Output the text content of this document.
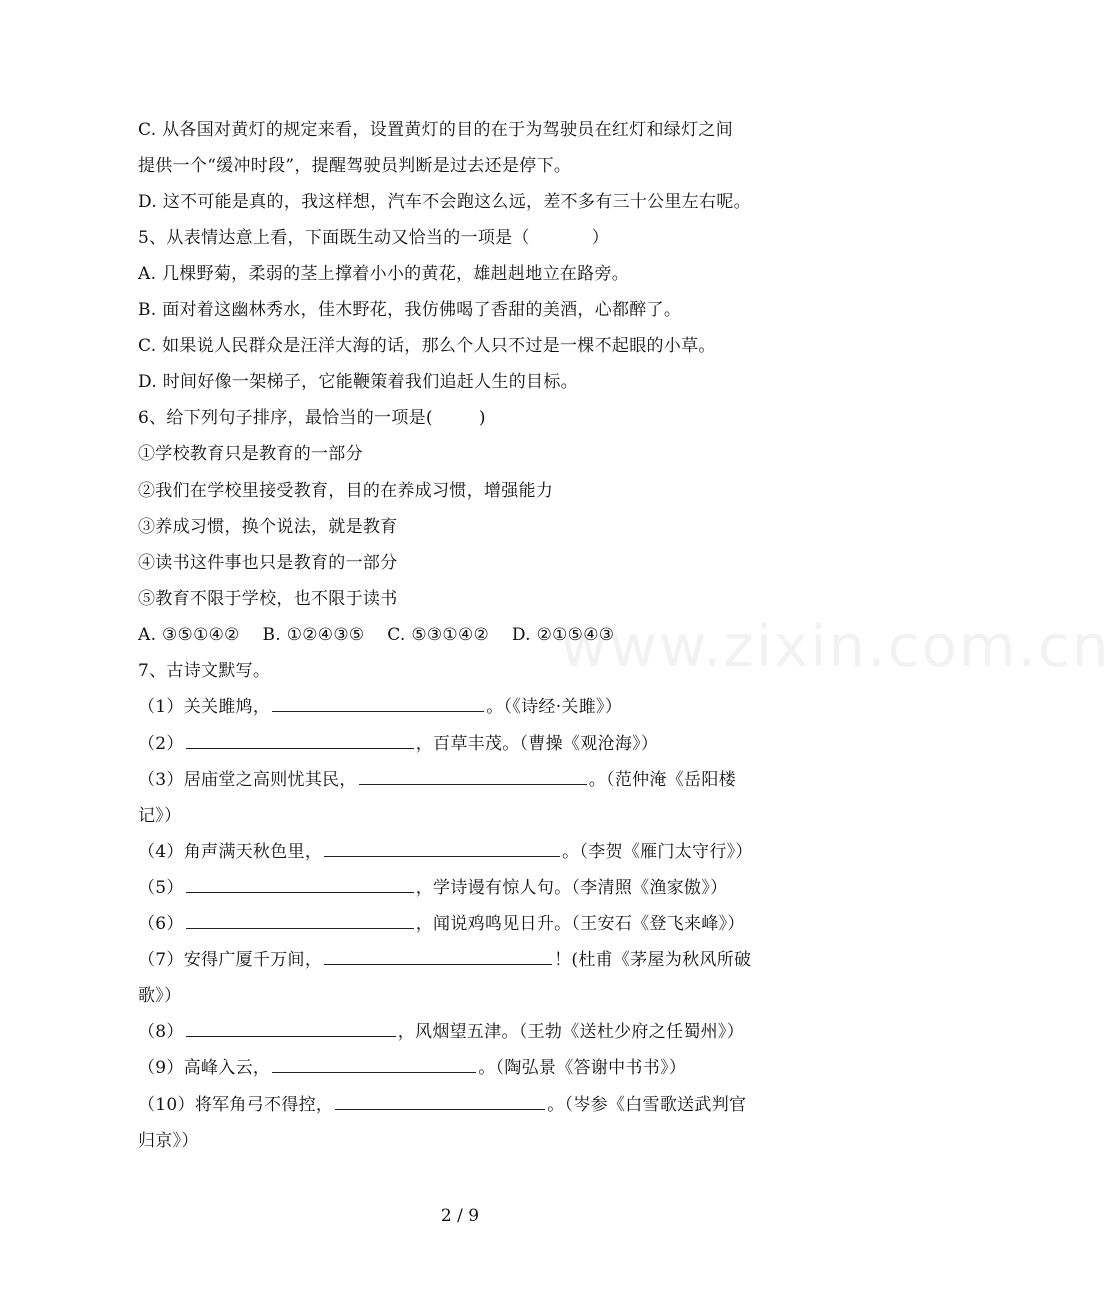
www.zixin.com.cn
C. 从各国对黄灯的规定来看，设置黄灯的目的在于为驾驶员在红灯和绿灯之间
提供一个“缓冲时段”，提醒驾驶员判断是过去还是停下。
D. 这不可能是真的，我这样想，汽车不会跑这么远，差不多有三十公里左右呢。
5、从表情达意上看，下面既生动又恰当的一项是（	）
A. 几棵野菊，柔弱的茎上撑着小小的黄花，雄赳赳地立在路旁。
B. 面对着这幽林秀水，佳木野花，我仿佛喝了香甜的美酒，心都醉了。
C. 如果说人民群众是汪洋大海的话，那么个人只不过是一棵不起眼的小草。
D. 时间好像一架梯子，它能鞭策着我们追赶人生的目标。
6、给下列句子排序，最恰当的一项是(	)
①学校教育只是教育的一部分
②我们在学校里接受教育，目的在养成习惯，增强能力
③养成习惯，换个说法，就是教育
④读书这件事也只是教育的一部分
⑤教育不限于学校，也不限于读书
A. ③⑤①④②    B. ①②④③⑤    C. ⑤③①④②    D. ②①⑤④③
7、古诗文默写。
（1）关关雎鸠，	。（《诗经·关雎》）
（2）	，百草丰茂。（曹操《观沧海》）
（3）居庙堂之高则忧其民，	。（范仲淹《岳阳楼
记》）
（4）角声满天秋色里，	。（李贺《雁门太守行》）
（5）	，学诗谩有惊人句。（李清照《渔家傲》）
（6）	，闻说鸡鸣见日升。（王安石《登飞来峰》）
（7）安得广厦千万间，	！(杜甫《茅屋为秋风所破
歌》）
（8）	，风烟望五津。（王勃《送杜少府之任蜀州》）
（9）高峰入云，	。（陶弘景《答谢中书书》）
（10）将军角弓不得控，	。（岑参《白雪歌送武判官
归京》）
2 / 9
